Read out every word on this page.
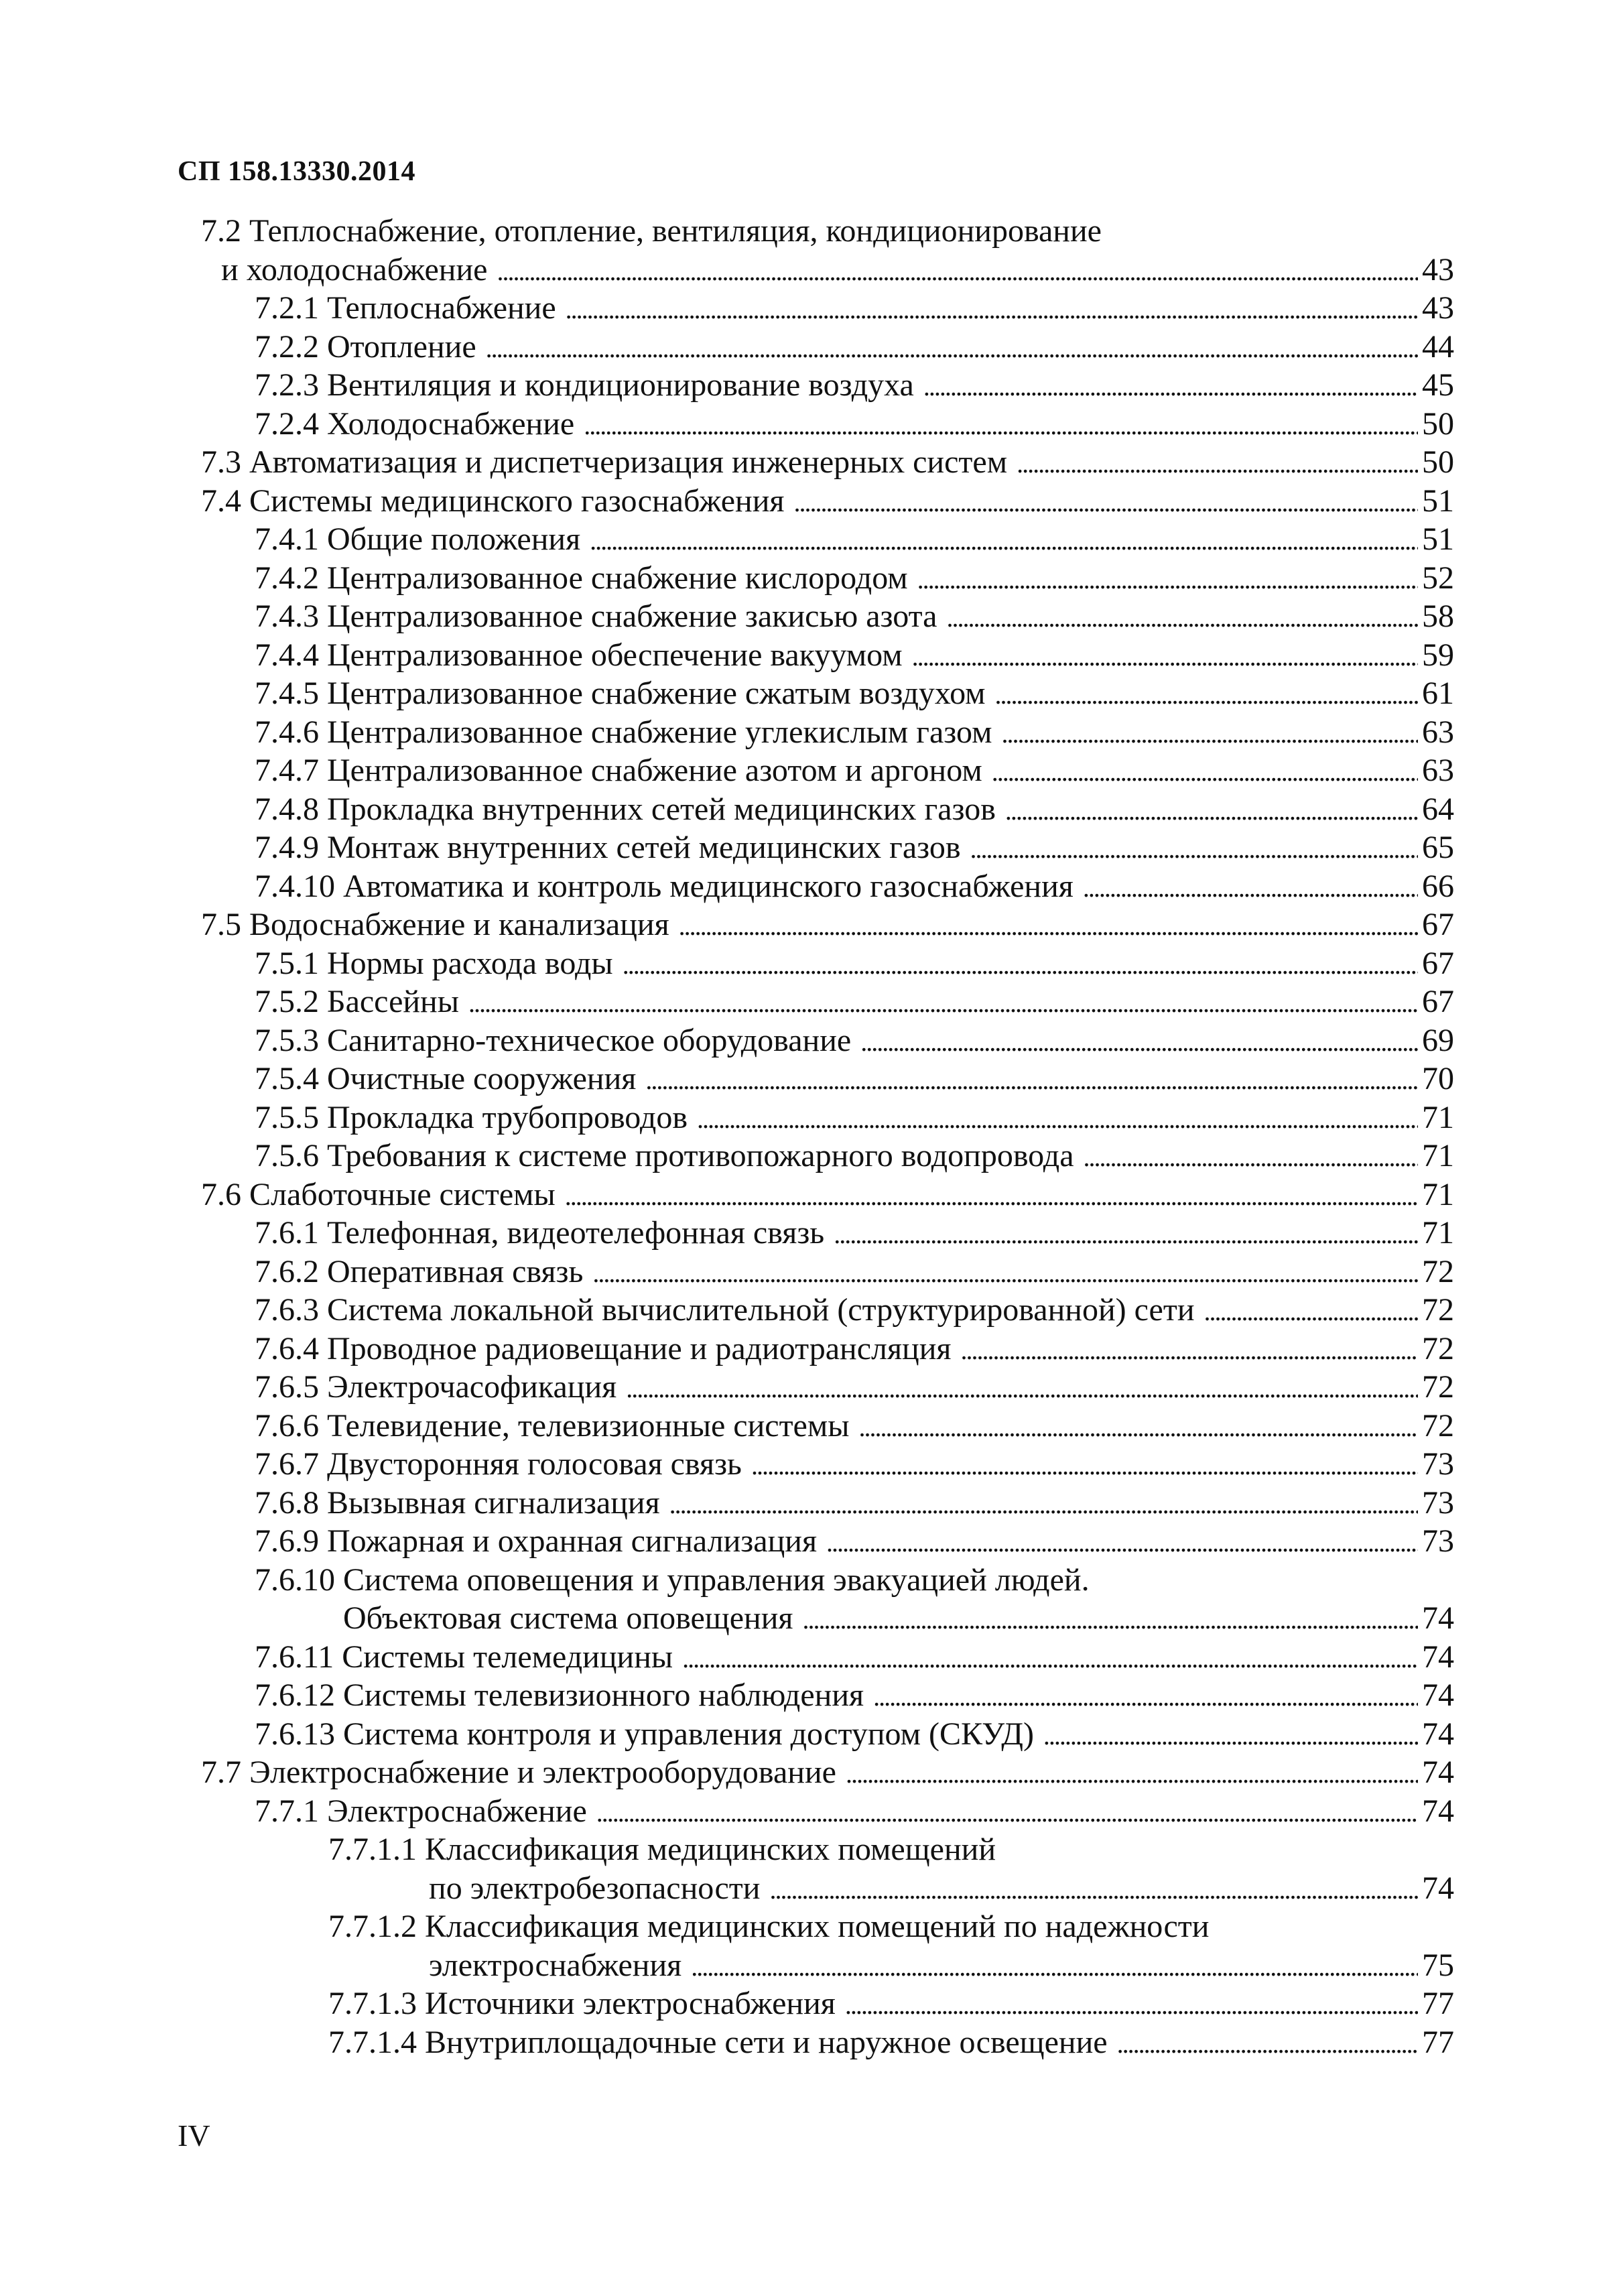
СП 158.13330.2014
7.2 Теплоснабжение, отопление, вентиляция, кондиционирование
и холодоснабжение . . .	43
7.2.1 Теплоснабжение . . .	43
7.2.2 Отопление . . .	44
7.2.3 Вентиляция и кондиционирование воздуха . . .	45
7.2.4 Холодоснабжение . . .	50
7.3 Автоматизация и диспетчеризация инженерных систем . . .	50
7.4 Системы медицинского газоснабжения . . .	51
7.4.1 Общие положения . . .	51
7.4.2 Централизованное снабжение кислородом . . .	52
7.4.3 Централизованное снабжение закисью азота . . .	58
7.4.4 Централизованное обеспечение вакуумом . . .	59
7.4.5 Централизованное снабжение сжатым воздухом . . .	61
7.4.6 Централизованное снабжение углекислым газом . . .	63
7.4.7 Централизованное снабжение азотом и аргоном . . .	63
7.4.8 Прокладка внутренних сетей медицинских газов . . .	64
7.4.9 Монтаж внутренних сетей медицинских газов . . .	65
7.4.10 Автоматика и контроль медицинского газоснабжения . . .	66
7.5 Водоснабжение и канализация . . .	67
7.5.1 Нормы расхода воды . . .	67
7.5.2 Бассейны . . .	67
7.5.3 Санитарно-техническое оборудование . . .	69
7.5.4 Очистные сооружения . . .	70
7.5.5 Прокладка трубопроводов . . .	71
7.5.6 Требования к системе противопожарного водопровода . . .	71
7.6 Слаботочные системы . . .	71
7.6.1 Телефонная, видеотелефонная связь . . .	71
7.6.2 Оперативная связь . . .	72
7.6.3 Система локальной вычислительной (структурированной) сети . . .	72
7.6.4 Проводное радиовещание и радиотрансляция . . .	72
7.6.5 Электрочасофикация . . .	72
7.6.6 Телевидение, телевизионные системы . . .	72
7.6.7 Двусторонняя голосовая связь . . .	73
7.6.8 Вызывная сигнализация . . .	73
7.6.9 Пожарная и охранная сигнализация . . .	73
7.6.10 Система оповещения и управления эвакуацией людей.
Объектовая система оповещения . . .	74
7.6.11 Системы телемедицины . . .	74
7.6.12 Системы телевизионного наблюдения . . .	74
7.6.13 Система контроля и управления доступом (СКУД) . . .	74
7.7 Электроснабжение и электрооборудование . . .	74
7.7.1 Электроснабжение . . .	74
7.7.1.1 Классификация медицинских помещений
по электробезопасности . . .	74
7.7.1.2 Классификация медицинских помещений по надежности
электроснабжения . . .	75
7.7.1.3 Источники электроснабжения . . .	77
7.7.1.4 Внутриплощадочные сети и наружное освещение . . .	77
IV
